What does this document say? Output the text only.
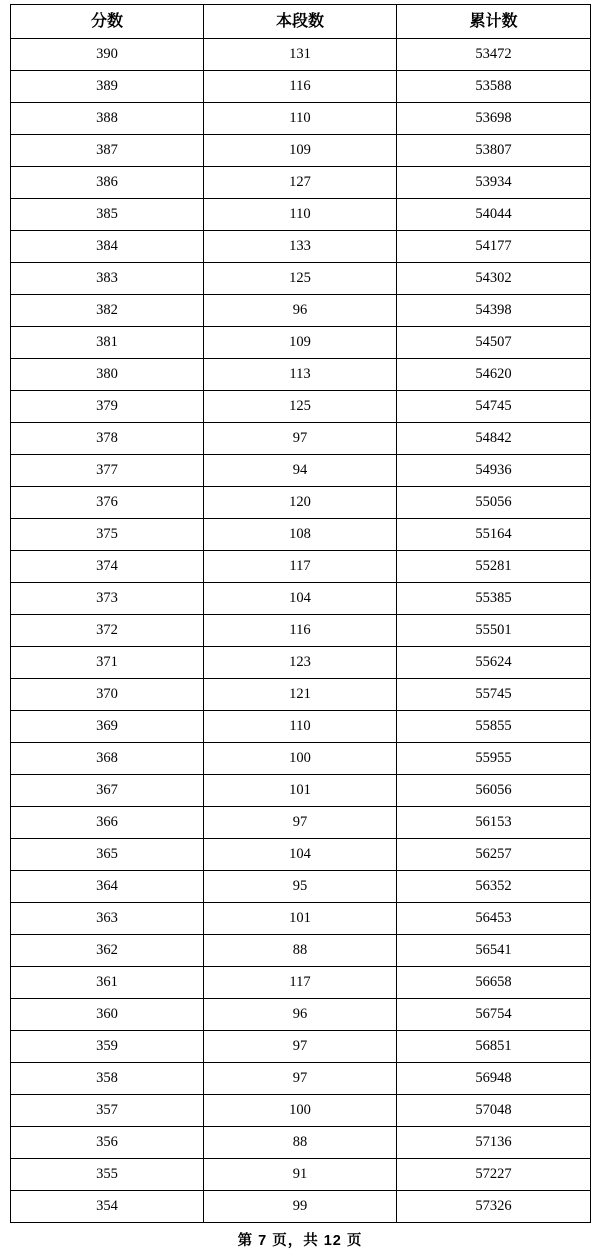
分数	本段数	累计数
390	131	53472
389	116	53588
388	110	53698
387	109	53807
386	127	53934
385	110	54044
384	133	54177
383	125	54302
382	96	54398
381	109	54507
380	113	54620
379	125	54745
378	97	54842
377	94	54936
376	120	55056
375	108	55164
374	117	55281
373	104	55385
372	116	55501
371	123	55624
370	121	55745
369	110	55855
368	100	55955
367	101	56056
366	97	56153
365	104	56257
364	95	56352
363	101	56453
362	88	56541
361	117	56658
360	96	56754
359	97	56851
358	97	56948
357	100	57048
356	88	57136
355	91	57227
354	99	57326
第 7 页，共 12 页
